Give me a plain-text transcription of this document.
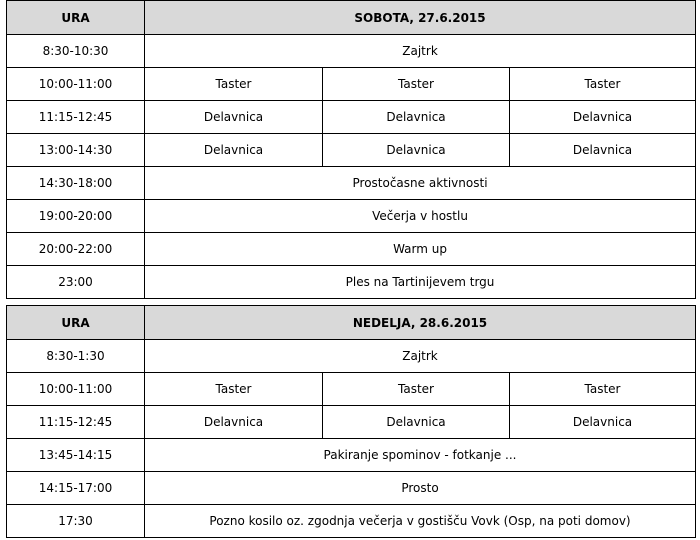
URA	SOBOTA, 27.6.2015		
8:30-10:30	Zajtrk		
10:00-11:00	Taster	Taster	Taster
11:15-12:45	Delavnica	Delavnica	Delavnica
13:00-14:30	Delavnica	Delavnica	Delavnica
14:30-18:00	Prostočasne aktivnosti		
19:00-20:00	Večerja v hostlu		
20:00-22:00	Warm up		
23:00	Ples na Tartinijevem trgu		
URA	NEDELJA, 28.6.2015		
8:30-1:30	Zajtrk		
10:00-11:00	Taster	Taster	Taster
11:15-12:45	Delavnica	Delavnica	Delavnica
13:45-14:15	Pakiranje spominov - fotkanje ...		
14:15-17:00	Prosto		
17:30	Pozno kosilo oz. zgodnja večerja v gostišču Vovk (Osp, na poti domov)		
